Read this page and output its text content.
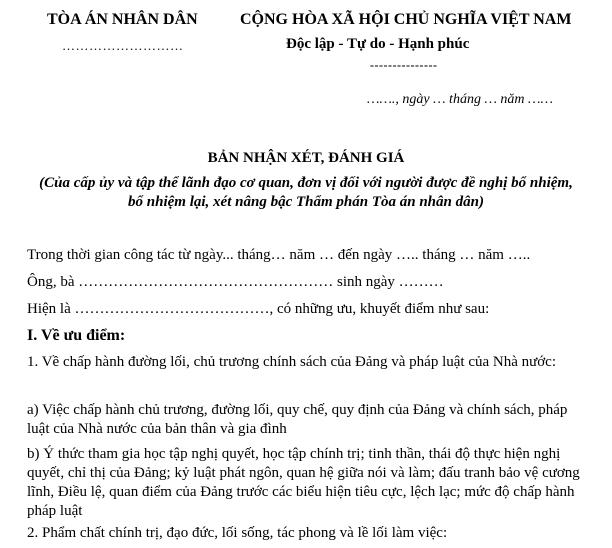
TÒA ÁN NHÂN DÂN
………………………
CỘNG HÒA XÃ HỘI CHỦ NGHĨA VIỆT NAM
Độc lập - Tự do - Hạnh phúc
---------------
……., ngày … tháng … năm ……
BẢN NHẬN XÉT, ĐÁNH GIÁ
(Của cấp ủy và tập thể lãnh đạo cơ quan, đơn vị đối với người được đề nghị bổ nhiệm, bổ nhiệm lại, xét nâng bậc Thẩm phán Tòa án nhân dân)
Trong thời gian công tác từ ngày... tháng… năm … đến ngày ….. tháng … năm …..
Ông, bà …………………………………………… sinh ngày ………
Hiện là …………………………………, có những ưu, khuyết điểm như sau:
I. Về ưu điểm:
1. Về chấp hành đường lối, chủ trương chính sách của Đảng và pháp luật của Nhà nước:
a) Việc chấp hành chủ trương, đường lối, quy chế, quy định của Đảng và chính sách, pháp luật của Nhà nước của bản thân và gia đình
b) Ý thức tham gia học tập nghị quyết, học tập chính trị; tinh thần, thái độ thực hiện nghị quyết, chỉ thị của Đảng; kỷ luật phát ngôn, quan hệ giữa nói và làm; đấu tranh bảo vệ cương lĩnh, Điều lệ, quan điểm của Đảng trước các biểu hiện tiêu cực, lệch lạc; mức độ chấp hành pháp luật
2. Phẩm chất chính trị, đạo đức, lối sống, tác phong và lề lối làm việc:
